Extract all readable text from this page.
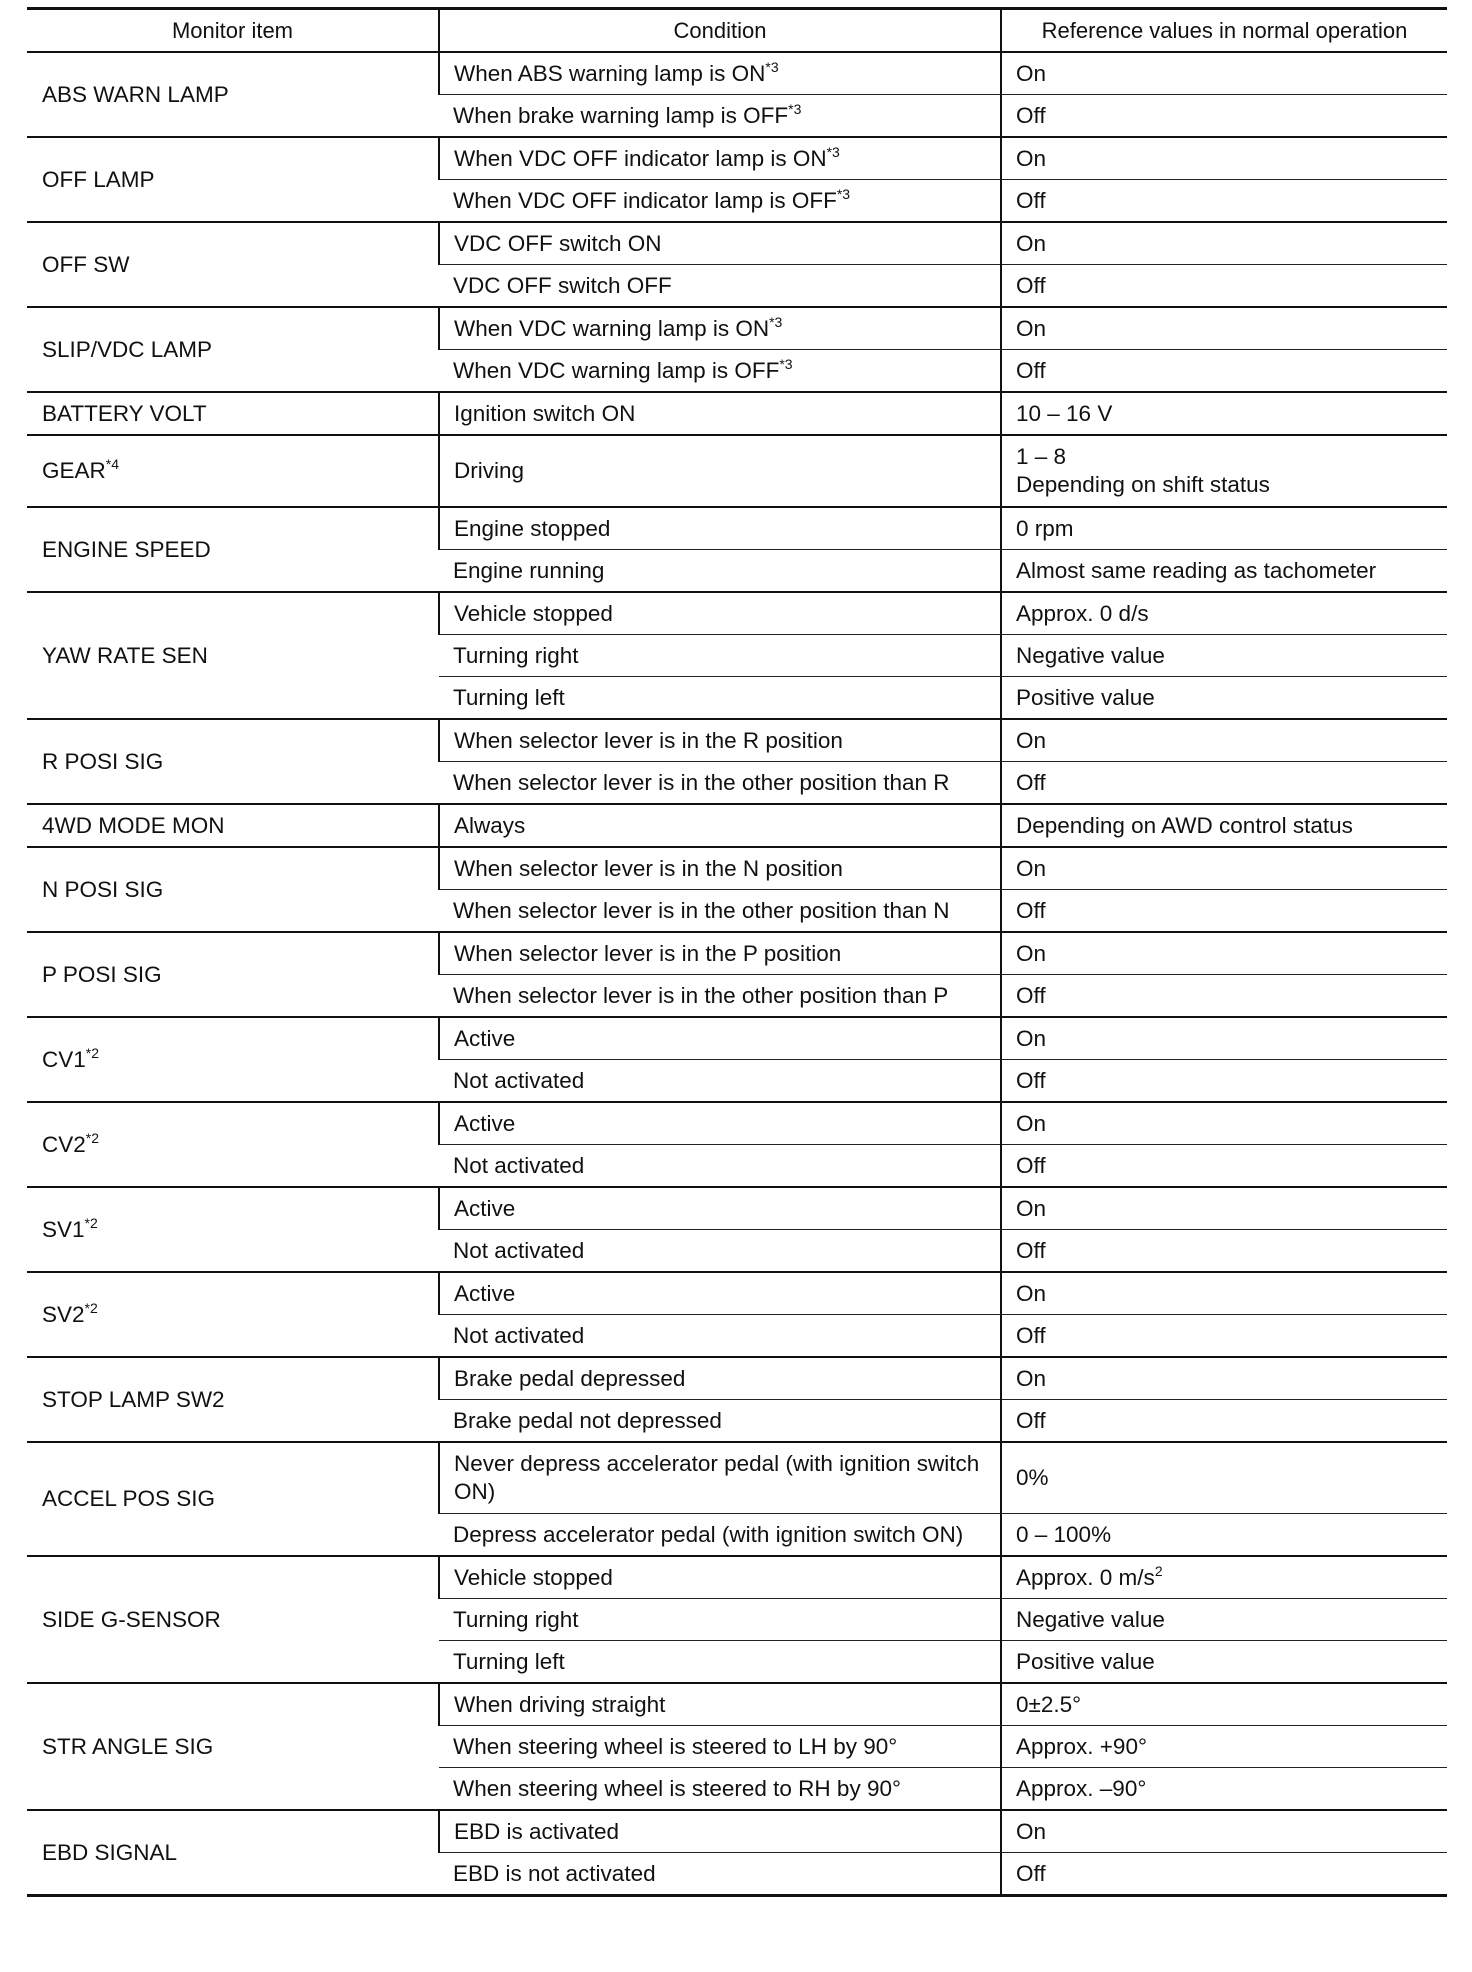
Monitor item	Condition	Reference values in normal operation
ABS WARN LAMP	When ABS warning lamp is ON$^{*3}$	On
	When brake warning lamp is OFF$^{*3}$	Off
OFF LAMP	When VDC OFF indicator lamp is ON$^{*3}$	On
	When VDC OFF indicator lamp is OFF$^{*3}$	Off
OFF SW	VDC OFF switch ON	On
	VDC OFF switch OFF	Off
SLIP/VDC LAMP	When VDC warning lamp is ON$^{*3}$	On
	When VDC warning lamp is OFF$^{*3}$	Off
BATTERY VOLT	Ignition switch ON	10 – 16 V
GEAR$^{*4}$	Driving	1 – 8
Depending on shift status
ENGINE SPEED	Engine stopped	0 rpm
	Engine running	Almost same reading as tachometer
YAW RATE SEN	Vehicle stopped	Approx. 0 d/s
	Turning right	Negative value
	Turning left	Positive value
R POSI SIG	When selector lever is in the R position	On
	When selector lever is in the other position than R	Off
4WD MODE MON	Always	Depending on AWD control status
N POSI SIG	When selector lever is in the N position	On
	When selector lever is in the other position than N	Off
P POSI SIG	When selector lever is in the P position	On
	When selector lever is in the other position than P	Off
CV1$^{*2}$	Active	On
	Not activated	Off
CV2$^{*2}$	Active	On
	Not activated	Off
SV1$^{*2}$	Active	On
	Not activated	Off
SV2$^{*2}$	Active	On
	Not activated	Off
STOP LAMP SW2	Brake pedal depressed	On
	Brake pedal not depressed	Off
ACCEL POS SIG	Never depress accelerator pedal (with ignition switch ON)	0%
	Depress accelerator pedal (with ignition switch ON)	0 – 100%
SIDE G-SENSOR	Vehicle stopped	Approx. 0 $m/s^2$
	Turning right	Negative value
	Turning left	Positive value
STR ANGLE SIG	When driving straight	0±2.5°
	When steering wheel is steered to LH by 90°	Approx. +90°
	When steering wheel is steered to RH by 90°	Approx. –90°
EBD SIGNAL	EBD is activated	On
	EBD is not activated	Off
